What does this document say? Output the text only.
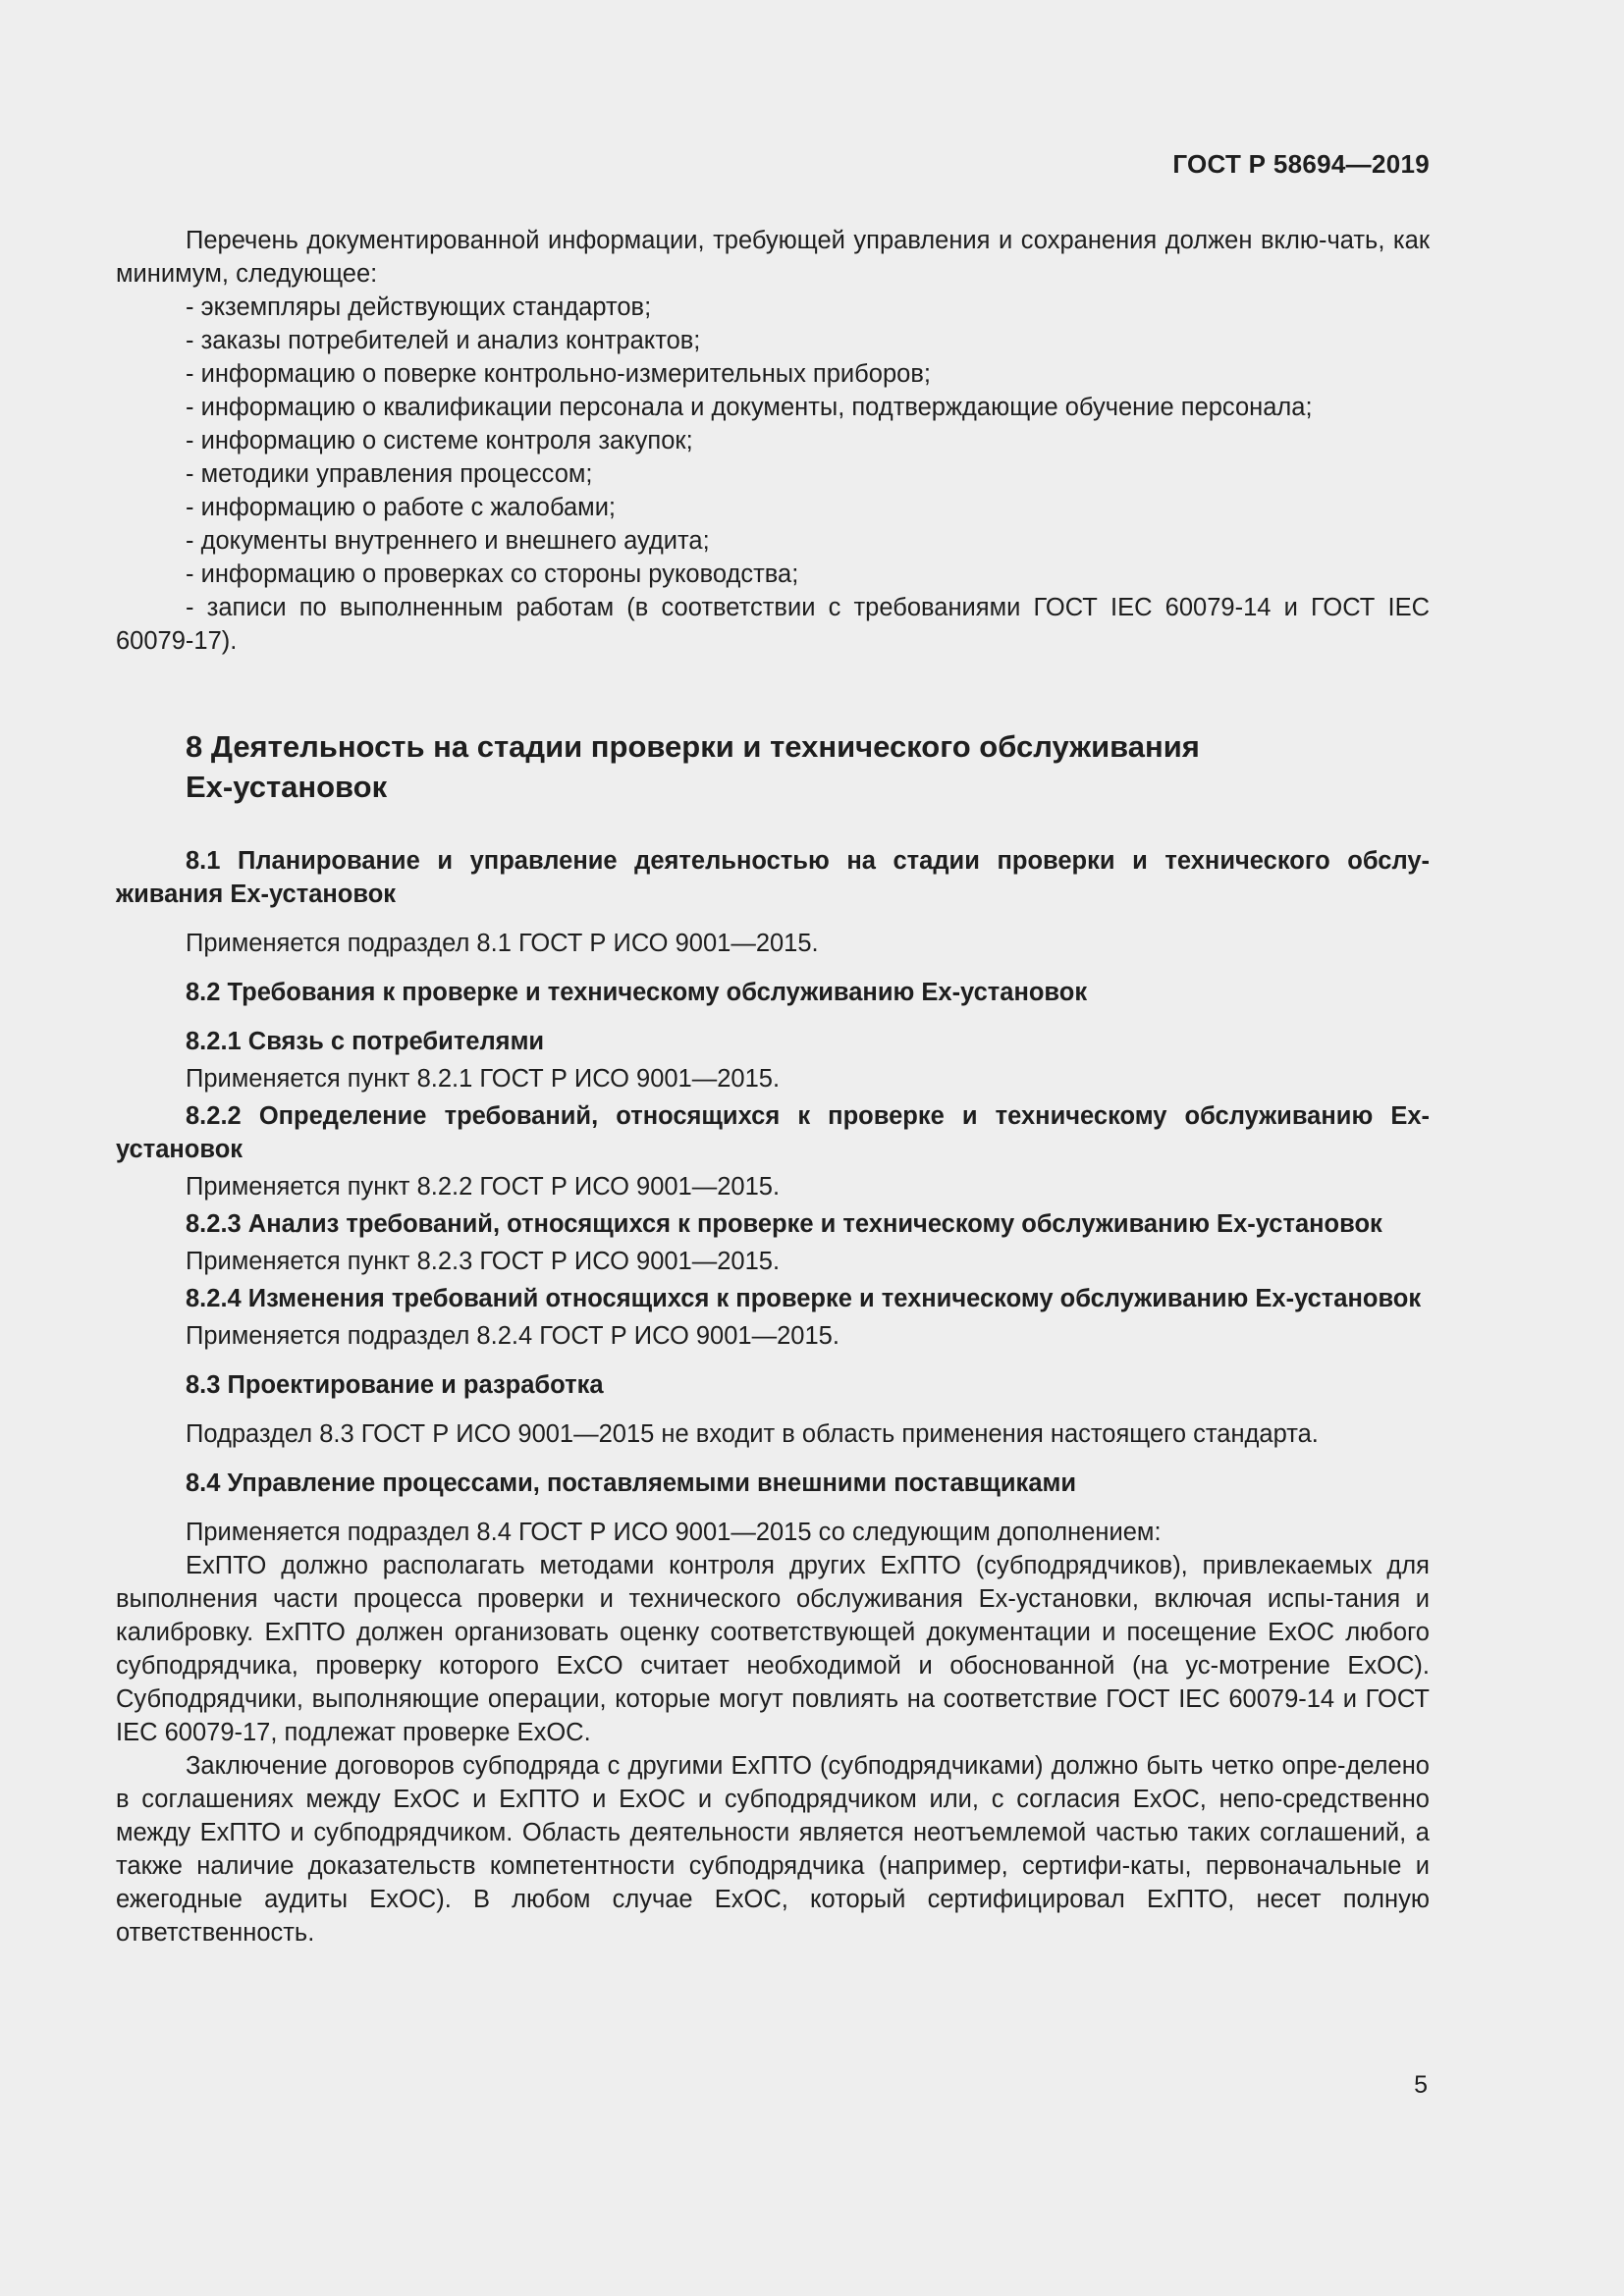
ГОСТ Р 58694—2019

Перечень документированной информации, требующей управления и сохранения должен вклю-чать, как минимум, следующее:

- экземпляры действующих стандартов;
- заказы потребителей и анализ контрактов;
- информацию о поверке контрольно-измерительных приборов;
- информацию о квалификации персонала и документы, подтверждающие обучение персонала;
- информацию о системе контроля закупок;
- методики управления процессом;
- информацию о работе с жалобами;
- документы внутреннего и внешнего аудита;
- информацию о проверках со стороны руководства;

- записи по выполненным работам (в соответствии с требованиями ГОСТ IEC 60079-14 и ГОСТ IEC 60079-17).

8 Деятельность на стадии проверки и технического обслуживания
Ex-установок

8.1 Планирование и управление деятельностью на стадии проверки и технического обслу-живания Ex-установок

Применяется подраздел 8.1 ГОСТ Р ИСО 9001—2015.

8.2 Требования к проверке и техническому обслуживанию Ex-установок

8.2.1 Связь с потребителями

Применяется пункт 8.2.1 ГОСТ Р ИСО 9001—2015.

8.2.2 Определение требований, относящихся к проверке и техническому обслуживанию Ex-установок

Применяется пункт 8.2.2 ГОСТ Р ИСО 9001—2015.

8.2.3 Анализ требований, относящихся к проверке и техническому обслуживанию Ex-установок

Применяется пункт 8.2.3 ГОСТ Р ИСО 9001—2015.

8.2.4 Изменения требований относящихся к проверке и техническому обслуживанию Ex-установок

Применяется подраздел 8.2.4 ГОСТ Р ИСО 9001—2015.

8.3 Проектирование и разработка

Подраздел 8.3 ГОСТ Р ИСО 9001—2015 не входит в область применения настоящего стандарта.

8.4 Управление процессами, поставляемыми внешними поставщиками

Применяется подраздел 8.4 ГОСТ Р ИСО 9001—2015 со следующим дополнением:

ExПТО должно располагать методами контроля других ExПТО (субподрядчиков), привлекаемых для выполнения части процесса проверки и технического обслуживания Ex-установки, включая испы-тания и калибровку. ExПТО должен организовать оценку соответствующей документации и посещение ExOC любого субподрядчика, проверку которого ExCO считает необходимой и обоснованной (на ус-мотрение ExOC). Субподрядчики, выполняющие операции, которые могут повлиять на соответствие ГОСТ IEC 60079-14 и ГОСТ IEC 60079-17, подлежат проверке ExOC.

Заключение договоров субподряда с другими ExПТО (субподрядчиками) должно быть четко опре-делено в соглашениях между ExOC и ExПТО и ExOC и субподрядчиком или, с согласия ExOC, непо-средственно между ExПТО и субподрядчиком. Область деятельности является неотъемлемой частью таких соглашений, а также наличие доказательств компетентности субподрядчика (например, сертифи-каты, первоначальные и ежегодные аудиты ExOC). В любом случае ExOC, который сертифицировал ExПТО, несет полную ответственность.

5
